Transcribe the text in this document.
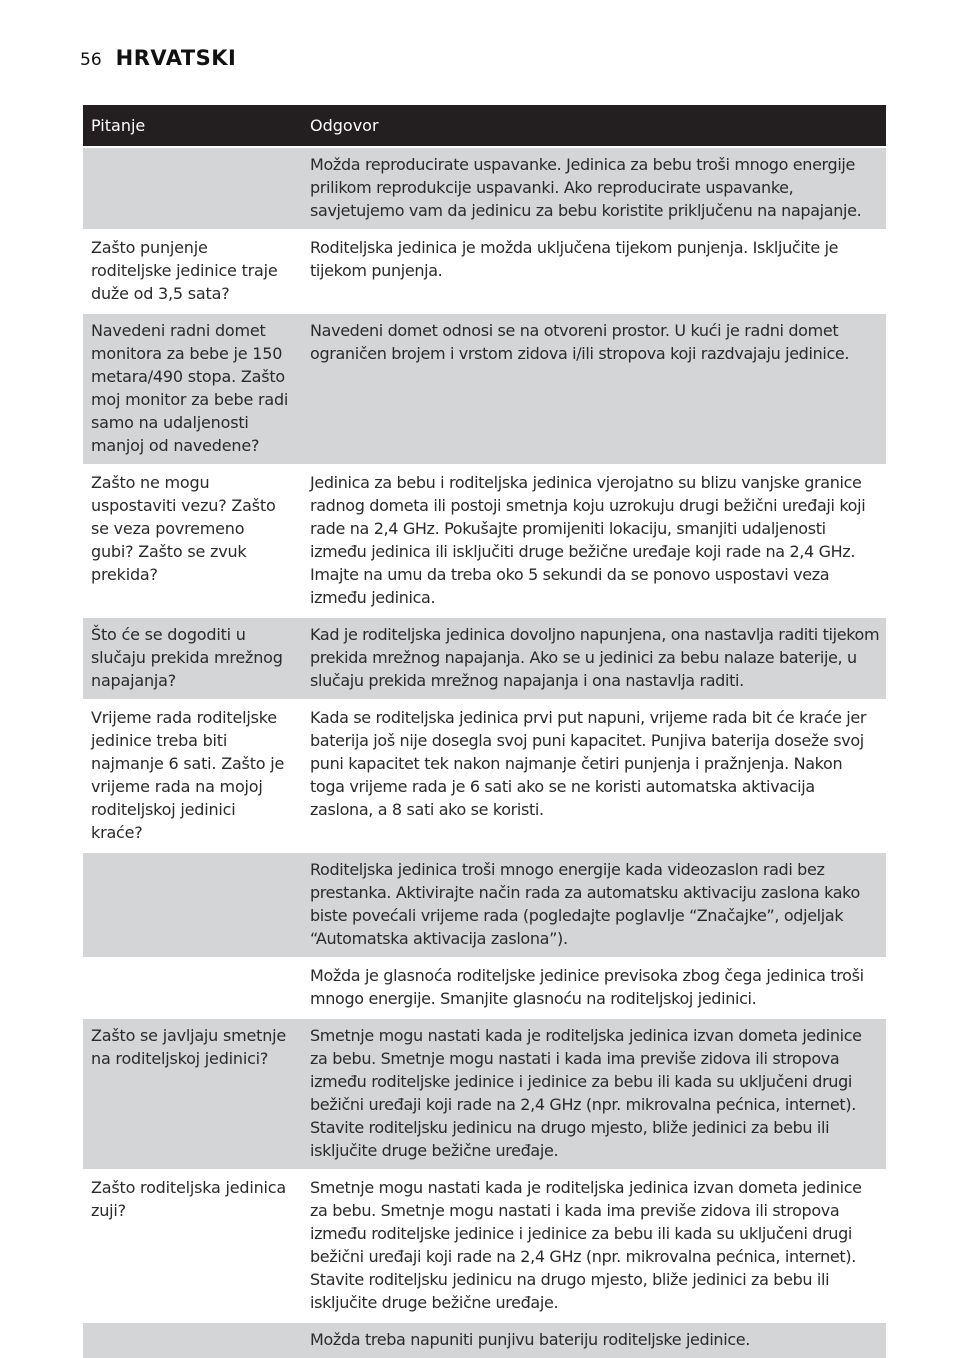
56 HRVATSKI
Pitanje	Odgovor
	Možda reproducirate uspavanke. Jedinica za bebu troši mnogo energije prilikom reprodukcije uspavanki. Ako reproducirate uspavanke, savjetujemo vam da jedinicu za bebu koristite priključenu na napajanje.
Zašto punjenje roditeljske jedinice traje duže od 3,5 sata?	Roditeljska jedinica je možda uključena tijekom punjenja. Isključite je tijekom punjenja.
Navedeni radni domet monitora za bebe je 150 metara/490 stopa. Zašto moj monitor za bebe radi samo na udaljenosti manjoj od navedene?	Navedeni domet odnosi se na otvoreni prostor. U kući je radni domet ograničen brojem i vrstom zidova i/ili stropova koji razdvajaju jedinice.
Zašto ne mogu uspostaviti vezu? Zašto se veza povremeno gubi? Zašto se zvuk prekida?	Jedinica za bebu i roditeljska jedinica vjerojatno su blizu vanjske granice radnog dometa ili postoji smetnja koju uzrokuju drugi bežični uređaji koji rade na 2,4 GHz. Pokušajte promijeniti lokaciju, smanjiti udaljenosti između jedinica ili isključiti druge bežične uređaje koji rade na 2,4 GHz. Imajte na umu da treba oko 5 sekundi da se ponovo uspostavi veza između jedinica.
Što će se dogoditi u slučaju prekida mrežnog napajanja?	Kad je roditeljska jedinica dovoljno napunjena, ona nastavlja raditi tijekom prekida mrežnog napajanja. Ako se u jedinici za bebu nalaze baterije, u slučaju prekida mrežnog napajanja i ona nastavlja raditi.
Vrijeme rada roditeljske jedinice treba biti najmanje 6 sati. Zašto je vrijeme rada na mojoj roditeljskoj jedinici kraće?	Kada se roditeljska jedinica prvi put napuni, vrijeme rada bit će kraće jer baterija još nije dosegla svoj puni kapacitet. Punjiva baterija doseže svoj puni kapacitet tek nakon najmanje četiri punjenja i pražnjenja. Nakon toga vrijeme rada je 6 sati ako se ne koristi automatska aktivacija zaslona, a 8 sati ako se koristi.
	Roditeljska jedinica troši mnogo energije kada videozaslon radi bez prestanka. Aktivirajte način rada za automatsku aktivaciju zaslona kako biste povećali vrijeme rada (pogledajte poglavlje “Značajke”, odjeljak “Automatska aktivacija zaslona”).
	Možda je glasnoća roditeljske jedinice previsoka zbog čega jedinica troši mnogo energije. Smanjite glasnoću na roditeljskoj jedinici.
Zašto se javljaju smetnje na roditeljskoj jedinici?	Smetnje mogu nastati kada je roditeljska jedinica izvan dometa jedinice za bebu. Smetnje mogu nastati i kada ima previše zidova ili stropova između roditeljske jedinice i jedinice za bebu ili kada su uključeni drugi bežični uređaji koji rade na 2,4 GHz (npr. mikrovalna pećnica, internet). Stavite roditeljsku jedinicu na drugo mjesto, bliže jedinici za bebu ili isključite druge bežične uređaje.
Zašto roditeljska jedinica zuji?	Smetnje mogu nastati kada je roditeljska jedinica izvan dometa jedinice za bebu. Smetnje mogu nastati i kada ima previše zidova ili stropova između roditeljske jedinice i jedinice za bebu ili kada su uključeni drugi bežični uređaji koji rade na 2,4 GHz (npr. mikrovalna pećnica, internet). Stavite roditeljsku jedinicu na drugo mjesto, bliže jedinici za bebu ili isključite druge bežične uređaje.
	Možda treba napuniti punjivu bateriju roditeljske jedinice.
